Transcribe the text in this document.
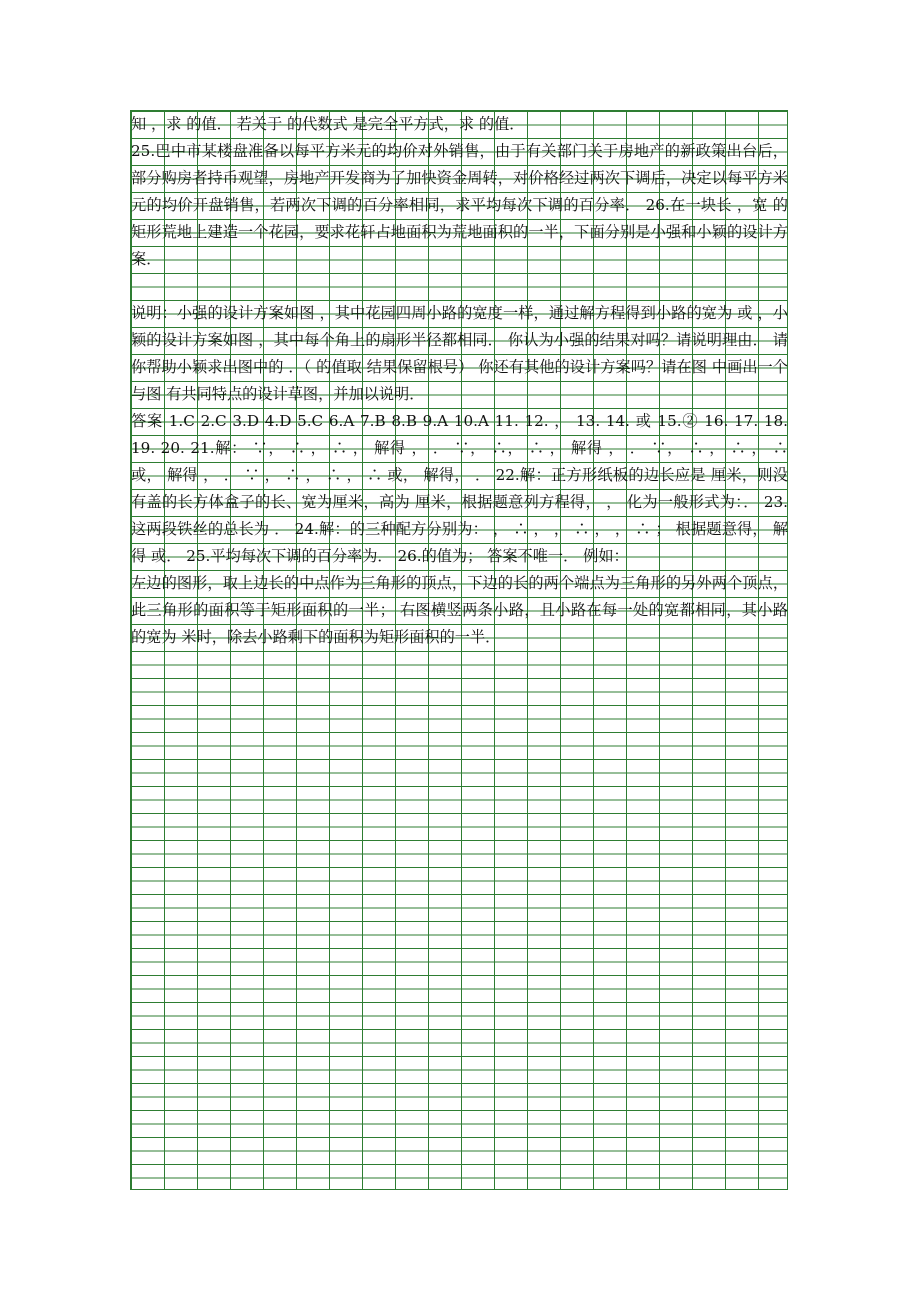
知 ，求 的值． 若关于 的代数式 是完全平方式，求 的值．

25.巴中市某楼盘准备以每平方米元的均价对外销售，由于有关部门关于房地产的新政策出台后，部分购房者持币观望，房地产开发商为了加快资金周转，对价格经过两次下调后，决定以每平方米 元的均价开盘销售，若两次下调的百分率相同，求平均每次下调的百分率． 26.在一块长 ，宽 的矩形荒地上建造一个花园，要求花轩占地面积为荒地面积的一半，下面分别是小强和小颖的设计方案．

说明：小强的设计方案如图 ，其中花园四周小路的宽度一样，通过解方程得到小路的宽为 或 ，小颖的设计方案如图 ，其中每个角上的扇形半径都相同． 你认为小强的结果对吗？请说明理由． 请你帮助小颖求出图中的 ．（ 的值取 结果保留根号） 你还有其他的设计方案吗？请在图 中画出一个与图 有共同特点的设计草图，并加以说明．

答案 1.C 2.C 3.D 4.D 5.C 6.A 7.B 8.B 9.A 10.A 11. 12. ， 13. 14. 或 15.② 16. 17. 18. 19. 20. 21.解： ∵， ∴ ， ∴ ， 解得 ， ． ∵， ∴， ∴ ， 解得 ， ． ∵， ∴ ， ∴ ， ∴ 或， 解得 ， ． ∵ ， ∴ ， ∴ ， ∴ 或， 解得， ． 22.解：正方形纸板的边长应是 厘米，则没有盖的长方体盒子的长、宽为厘米，高为 厘米，根据题意列方程得， ， 化为一般形式为：． 23.这两段铁丝的总长为 ． 24.解：的三种配方分别为： ， ∴ ， ， ∴ ， ， ∴ ； 根据题意得， 解得 或． 25.平均每次下调的百分率为． 26.的值为； 答案不唯一． 例如：

左边的图形，取上边长的中点作为三角形的顶点，下边的长的两个端点为三角形的另外两个顶点，此三角形的面积等于矩形面积的一半； 右图横竖两条小路，且小路在每一处的宽都相同，其小路的宽为 米时，除去小路剩下的面积为矩形面积的一半．
